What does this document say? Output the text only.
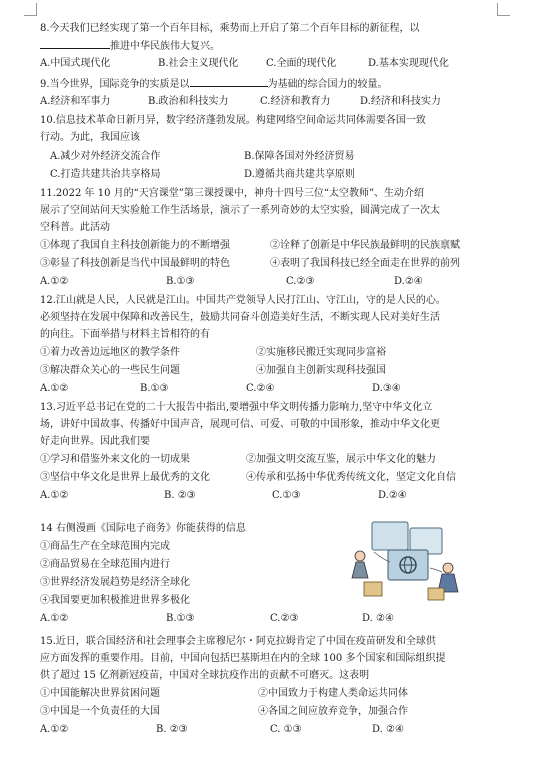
8.今天我们已经实现了第一个百年目标，乘势而上开启了第二个百年目标的新征程，以
推进中华民族伟大复兴。
A.中国式现代化	B.社会主义现代化	C.全面的现代化	D.基本实现现代化
9.当今世界，国际竞争的实质是以	为基础的综合国力的较量。
A.经济和军事力	B.政治和科技实力	C.经济和教育力	D.经济和科技实力
10.信息技术革命日新月异，数字经济蓬勃发展。构建网络空间命运共同体需要各国一致
行动。为此，我国应该
A.减少对外经济交流合作	B.保障各国对外经济贸易
C.打造共建共治共享格局	D.遵循共商共建共享原则
11.2022 年 10 月的“天宫课堂”第三课授课中，神舟十四号三位“太空教师”、生动介绍
展示了空间站问天实验舱工作生活场景，演示了一系列奇妙的太空实验，圆满完成了一次太
空科普。此活动
①体现了我国自主科技创新能力的不断增强	②诠释了创新是中华民族最鲜明的民族禀赋
③彰显了科技创新是当代中国最鲜明的特色	④表明了我国科技已经全面走在世界的前列
A.①②	B.①③	C.②③	D.②④
12.江山就是人民，人民就是江山。中国共产党领导人民打江山、守江山，守的是人民的心。
必须坚持在发展中保障和改善民生，鼓励共同奋斗创造美好生活，不断实现人民对美好生活
的向往。下面举措与材料主旨相符的有
①着力改善边远地区的教学条件	②实施移民搬迁实现同步富裕
③解决群众关心的一些民生问题	④加强自主创新实现科技强国
A.①②	B.①③	C.②④	D.③④
13.习近平总书记在党的二十大报告中指出,要增强中华文明传播力影响力,坚守中华文化立
场，讲好中国故事、传播好中国声音，展现可信、可爱、可敬的中国形象，推动中华文化更
好走向世界。因此我们要
①学习和借鉴外来文化的一切成果	②加强文明交流互鉴，展示中华文化的魅力
③坚信中华文化是世界上最优秀的文化	④传承和弘扬中华优秀传统文化，坚定文化自信
A.①②	B. ②③	C.①③	D.②④
14 右侧漫画《国际电子商务》你能获得的信息
①商品生产在全球范围内完成
②商品贸易在全球范围内进行
③世界经济发展趋势是经济全球化
④我国要更加积极推进世界多极化
A.①②	B.①③	C.②③	D. ②④
15.近日，联合国经济和社会理事会主席穆尼尔・阿克拉姆肯定了中国在疫苗研发和全球供
应方面发挥的重要作用。目前，中国向包括巴基斯坦在内的全球 100 多个国家和国际组织提
供了超过 15 亿剂新冠疫苗，中国对全球抗疫作出的贡献不可磨灭。这表明
①中国能解决世界贫困问题	②中国致力于构建人类命运共同体
③中国是一个负责任的大国	④各国之间应放弃竞争，加强合作
A.①②	B. ②③	C. ①③	D. ②④
